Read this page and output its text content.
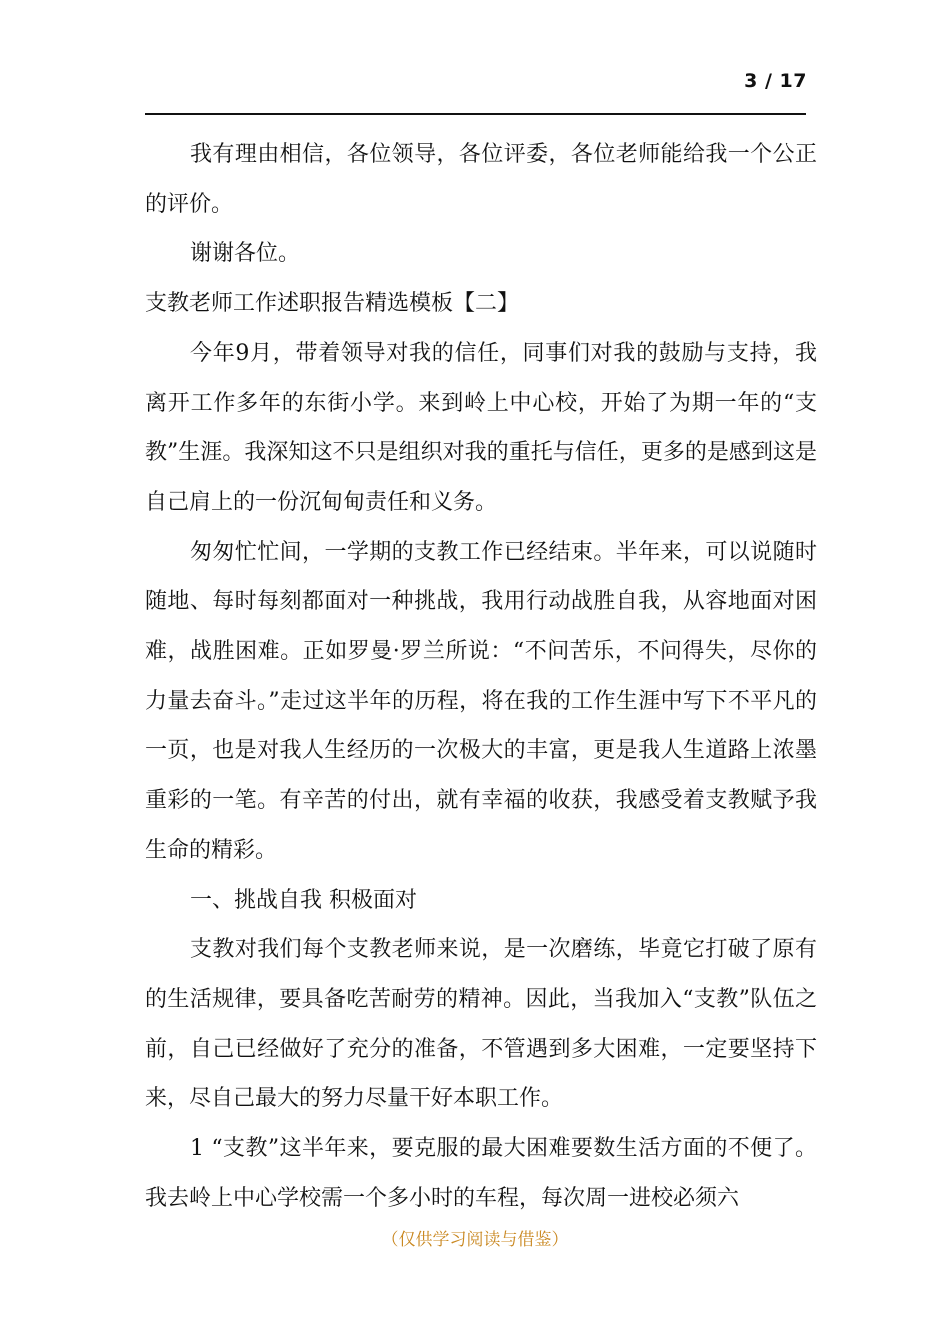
3 / 17

我有理由相信，各位领导，各位评委，各位老师能给我一个公正的评价。

谢谢各位。

支教老师工作述职报告精选模板【二】

今年9月，带着领导对我的信任，同事们对我的鼓励与支持，我离开工作多年的东街小学。来到岭上中心校，开始了为期一年的“支教”生涯。我深知这不只是组织对我的重托与信任，更多的是感到这是自己肩上的一份沉甸甸责任和义务。

匆匆忙忙间，一学期的支教工作已经结束。半年来，可以说随时随地、每时每刻都面对一种挑战，我用行动战胜自我，从容地面对困难，战胜困难。正如罗曼·罗兰所说：“不问苦乐，不问得失，尽你的力量去奋斗。”走过这半年的历程，将在我的工作生涯中写下不平凡的一页，也是对我人生经历的一次极大的丰富，更是我人生道路上浓墨重彩的一笔。有辛苦的付出，就有幸福的收获，我感受着支教赋予我生命的精彩。

一、挑战自我 积极面对

支教对我们每个支教老师来说，是一次磨练，毕竟它打破了原有的生活规律，要具备吃苦耐劳的精神。因此，当我加入“支教”队伍之前，自己已经做好了充分的准备，不管遇到多大困难，一定要坚持下来，尽自己最大的努力尽量干好本职工作。

1 “支教”这半年来，要克服的最大困难要数生活方面的不便了。我去岭上中心学校需一个多小时的车程，每次周一进校必须六

（仅供学习阅读与借鉴）
